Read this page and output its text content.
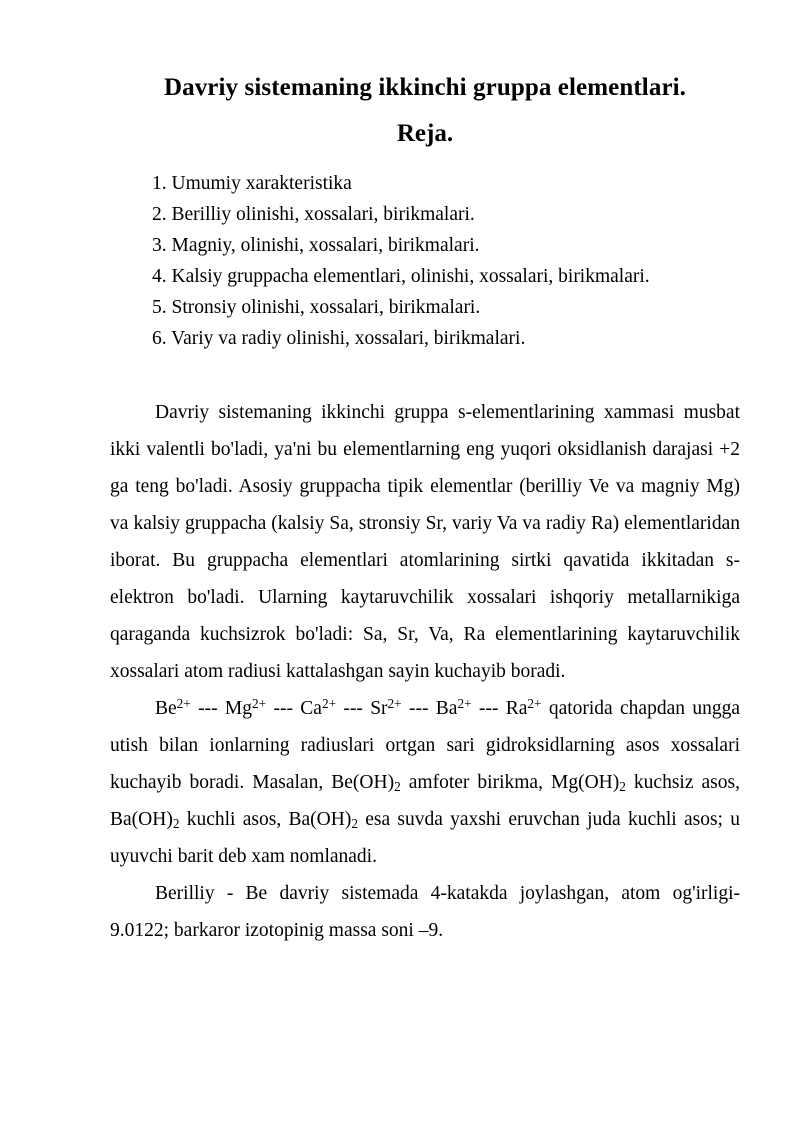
Davriy sistemaning ikkinchi gruppa elementlari.
Reja.
1. Umumiy xarakteristika
2. Berilliy olinishi, xossalari, birikmalari.
3. Magniy, olinishi, xossalari, birikmalari.
4. Kalsiy gruppacha elementlari, olinishi, xossalari, birikmalari.
5. Stronsiy olinishi, xossalari, birikmalari.
6. Variy va radiy olinishi, xossalari, birikmalari.

Davriy sistemaning ikkinchi gruppa s-elementlarining xammasi musbat ikki valentli bo'ladi, ya'ni bu elementlarning eng yuqori oksidlanish darajasi +2 ga teng bo'ladi. Asosiy gruppacha tipik elementlar (berilliy Ve va magniy Mg) va kalsiy gruppacha (kalsiy Sa, stronsiy Sr, variy Va va radiy Ra) elementlaridan iborat. Bu gruppacha elementlari atomlarining sirtki qavatida ikkitadan s-elektron bo'ladi. Ularning kaytaruvchilik xossalari ishqoriy metallarnikiga qaraganda kuchsizrok bo'ladi: Sa, Sr, Va, Ra elementlarining kaytaruvchilik xossalari atom radiusi kattalashgan sayin kuchayib boradi.

$Be^{2+}$ --- $Mg^{2+}$ --- $Ca^{2+}$ --- $Sr^{2+}$ --- $Ba^{2+}$ --- $Ra^{2+}$ qatorida chapdan ungga utish bilan ionlarning radiuslari ortgan sari gidroksidlarning asos xossalari kuchayib boradi. Masalan, $Be(OH)_2$ amfoter birikma, $Mg(OH)_2$ kuchsiz asos, $Ba(OH)_2$ kuchli asos, $Ba(OH)_2$ esa suvda yaxshi eruvchan juda kuchli asos; u uyuvchi barit deb xam nomlanadi.

Berilliy - Be davriy sistemada 4-katakda joylashgan, atom og'irligi-9.0122; barkaror izotopinig massa soni –9.
